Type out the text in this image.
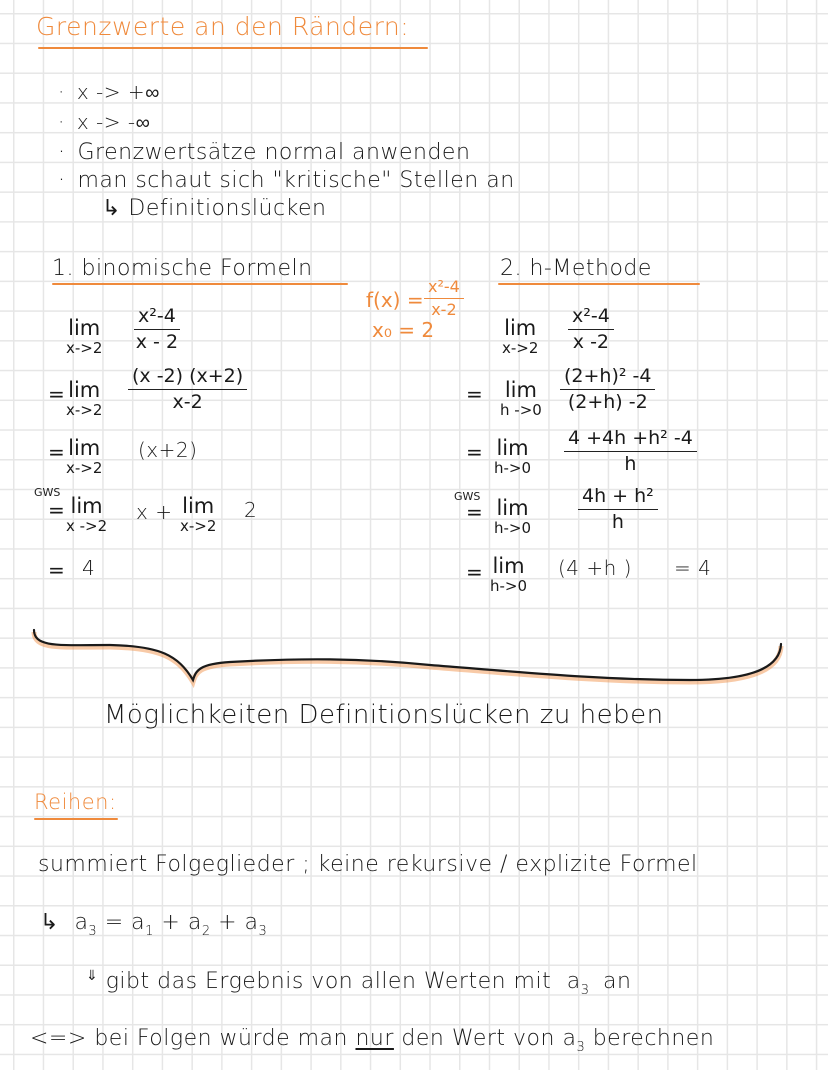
Grenzwerte an den Rändern:
· x -> +∞
· x -> -∞
· Grenzwertsätze normal anwenden
· man schaut sich "kritische" Stellen an
↳ Definitionslücken
1. binomische Formeln
lim
$x->2 \frac{\text{x²-4}}{x - 2}$
= lim
$x->2 \frac{(x -2) (x+2)}{x-2}$
= lim
x->2
(x+2)
GWS
= lim
x ->2
x + lim
x->2
2
= 4
$f(x) = \frac{\text{x²-4}}{x-2}$
x₀ = 2
2. h-Methode
lim
$x->2 \frac{\text{x²-4}}{x -2}$
= lim
h $->0 \frac{\text{(2+h)² -4}}{(2+h) -2}$
= lim
$h->0 \frac{\text{4 +4h +h² -4}}{h}$
GWS
= lim
$h->0 \frac{\text{4h + h²}}{h}$
= lim
h->0
(4 +h ) = 4
Möglichkeiten Definitionslücken zu heben
Reihen:
summiert Folgeglieder ; keine rekursive / explizite Formel
↳ $a_3 = a_1 + a_2 + a_3$
⇓ gibt das Ergebnis von allen Werten mit $a_3$ an
<=> bei Folgen würde man nur den Wert von $a_3$ berechnen
